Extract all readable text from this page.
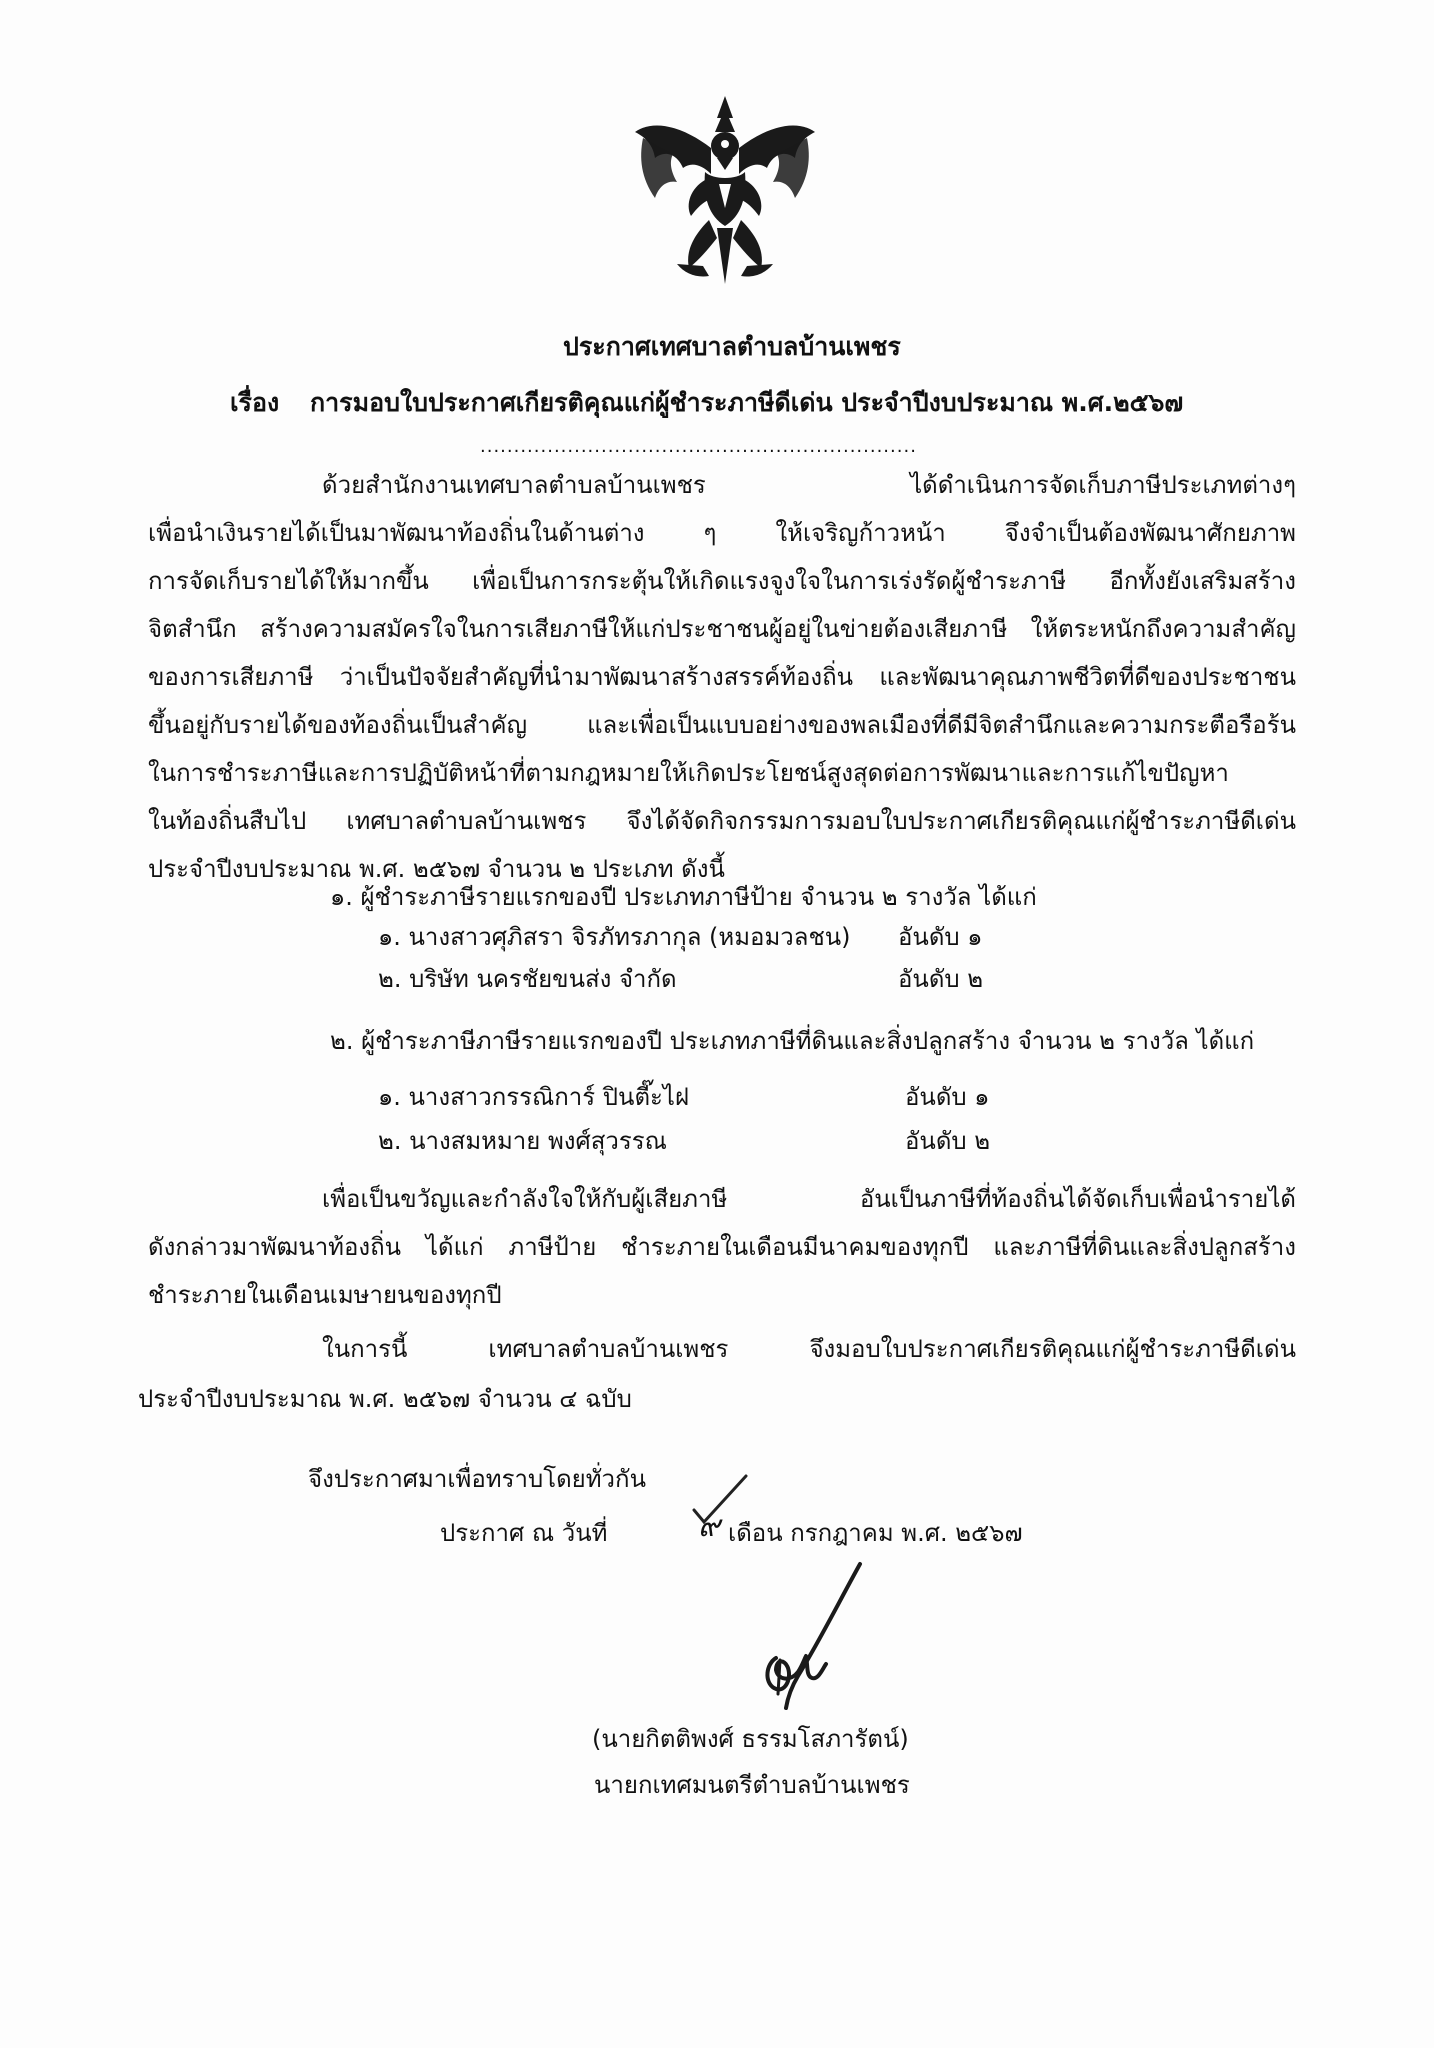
ประกาศเทศบาลตำบลบ้านเพชร
เรื่อง การมอบใบประกาศเกียรติคุณแก่ผู้ชำระภาษีดีเด่น ประจำปีงบประมาณ พ.ศ.๒๕๖๗
.................................................................
ด้วยสำนักงานเทศบาลตำบลบ้านเพชร ได้ดำเนินการจัดเก็บภาษีประเภทต่างๆ
เพื่อนำเงินรายได้เป็นมาพัฒนาท้องถิ่นในด้านต่าง ๆ ให้เจริญก้าวหน้า จึงจำเป็นต้องพัฒนาศักยภาพ
การจัดเก็บรายได้ให้มากขึ้น เพื่อเป็นการกระตุ้นให้เกิดแรงจูงใจในการเร่งรัดผู้ชำระภาษี อีกทั้งยังเสริมสร้าง
จิตสำนึก สร้างความสมัครใจในการเสียภาษีให้แก่ประชาชนผู้อยู่ในข่ายต้องเสียภาษี ให้ตระหนักถึงความสำคัญ
ของการเสียภาษี ว่าเป็นปัจจัยสำคัญที่นำมาพัฒนาสร้างสรรค์ท้องถิ่น และพัฒนาคุณภาพชีวิตที่ดีของประชาชน
ขึ้นอยู่กับรายได้ของท้องถิ่นเป็นสำคัญ และเพื่อเป็นแบบอย่างของพลเมืองที่ดีมีจิตสำนึกและความกระตือรือร้น
ในการชำระภาษีและการปฏิบัติหน้าที่ตามกฎหมายให้เกิดประโยชน์สูงสุดต่อการพัฒนาและการแก้ไขปัญหา
ในท้องถิ่นสืบไป เทศบาลตำบลบ้านเพชร จึงได้จัดกิจกรรมการมอบใบประกาศเกียรติคุณแก่ผู้ชำระภาษีดีเด่น
ประจำปีงบประมาณ พ.ศ. ๒๕๖๗ จำนวน ๒ ประเภท ดังนี้
๑. ผู้ชำระภาษีรายแรกของปี ประเภทภาษีป้าย จำนวน ๒ รางวัล ได้แก่
๑. นางสาวศุภิสรา จิรภัทรภากุล (หมอมวลชน) อันดับ ๑
๒. บริษัท นครชัยขนส่ง จำกัด	อันดับ ๒
๒. ผู้ชำระภาษีภาษีรายแรกของปี ประเภทภาษีที่ดินและสิ่งปลูกสร้าง จำนวน ๒ รางวัล ได้แก่
๑. นางสาวกรรณิการ์ ปินตี๊ะไฝ	อันดับ ๑
๒. นางสมหมาย พงศ์สุวรรณ	อันดับ ๒
เพื่อเป็นขวัญและกำลังใจให้กับผู้เสียภาษี อันเป็นภาษีที่ท้องถิ่นได้จัดเก็บเพื่อนำรายได้
ดังกล่าวมาพัฒนาท้องถิ่น ได้แก่ ภาษีป้าย ชำระภายในเดือนมีนาคมของทุกปี และภาษีที่ดินและสิ่งปลูกสร้าง
ชำระภายในเดือนเมษายนของทุกปี
ในการนี้ เทศบาลตำบลบ้านเพชร จึงมอบใบประกาศเกียรติคุณแก่ผู้ชำระภาษีดีเด่น
ประจำปีงบประมาณ พ.ศ. ๒๕๖๗ จำนวน ๔ ฉบับ
จึงประกาศมาเพื่อทราบโดยทั่วกัน
ประกาศ ณ วันที่	๙ เดือน กรกฎาคม พ.ศ. ๒๕๖๗
(นายกิตติพงศ์ ธรรมโสภารัตน์)
นายกเทศมนตรีตำบลบ้านเพชร
